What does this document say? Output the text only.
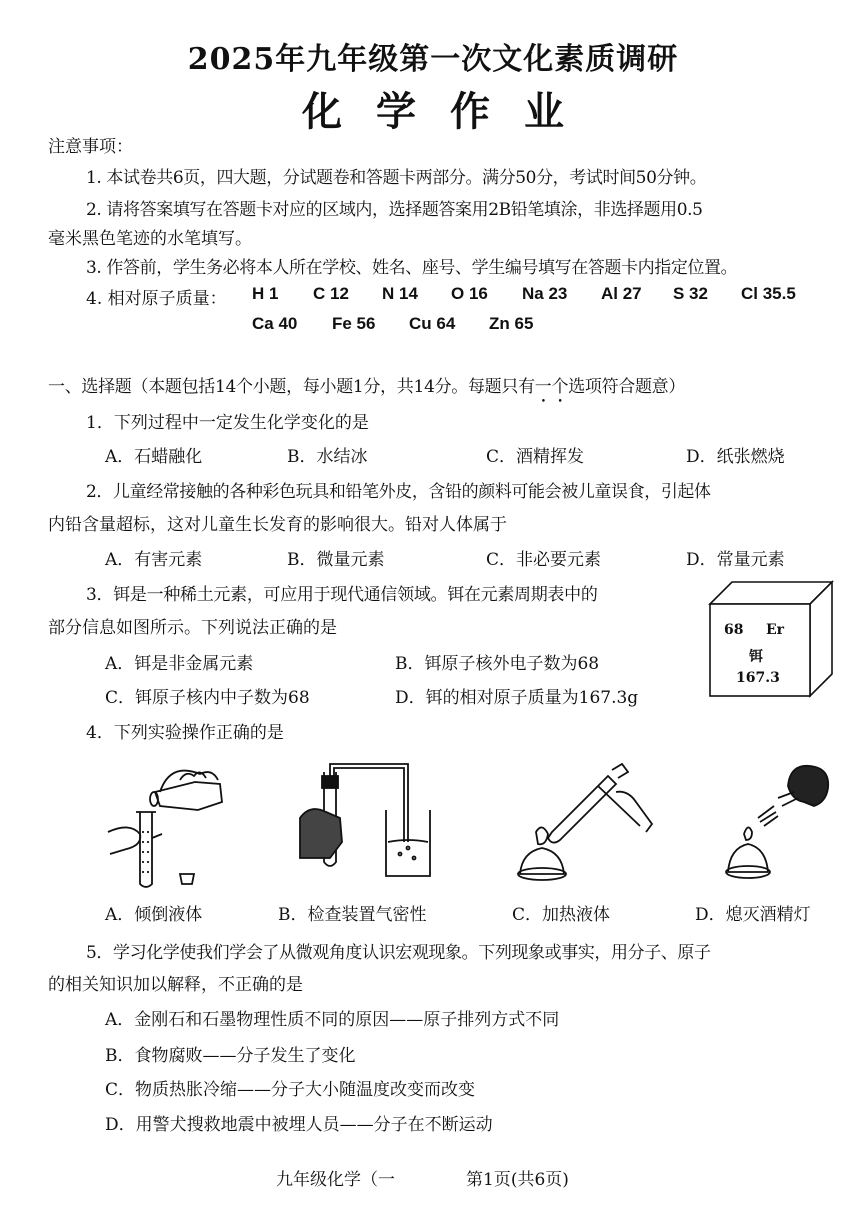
2025年九年级第一次文化素质调研
化学作业
注意事项：
1. 本试卷共6页，四大题，分试题卷和答题卡两部分。满分50分，考试时间50分钟。
2. 请将答案填写在答题卡对应的区域内，选择题答案用2B铅笔填涂，非选择题用0.5
毫米黑色笔迹的水笔填写。
3. 作答前，学生务必将本人所在学校、姓名、座号、学生编号填写在答题卡内指定位置。
4. 相对原子质量： H 1 C 12 N 14 O 16 Na 23 Al 27 S 32 Cl 35.5
Ca 40 Fe 56 Cu 64 Zn 65
一、选择题（本题包括14个小题，每小题1分，共14分。每题只有一个选项符合题意）
1．下列过程中一定发生化学变化的是
A．石蜡融化	B．水结冰	C．酒精挥发	D．纸张燃烧
2．儿童经常接触的各种彩色玩具和铅笔外皮，含铅的颜料可能会被儿童误食，引起体
内铅含量超标，这对儿童生长发育的影响很大。铅对人体属于
A．有害元素	B．微量元素	C．非必要元素	D．常量元素
3．铒是一种稀土元素，可应用于现代通信领域。铒在元素周期表中的
部分信息如图所示。下列说法正确的是
A．铒是非金属元素	B．铒原子核外电子数为68
C．铒原子核内中子数为68	D．铒的相对原子质量为167.3g
68 Er
铒
167.3
4．下列实验操作正确的是
A．倾倒液体	B．检查装置气密性	C．加热液体	D．熄灭酒精灯
5．学习化学使我们学会了从微观角度认识宏观现象。下列现象或事实，用分子、原子
的相关知识加以解释，不正确的是
A．金刚石和石墨物理性质不同的原因——原子排列方式不同
B．食物腐败——分子发生了变化
C．物质热胀冷缩——分子大小随温度改变而改变
D．用警犬搜救地震中被埋人员——分子在不断运动
九年级化学（一	第1页(共6页)
